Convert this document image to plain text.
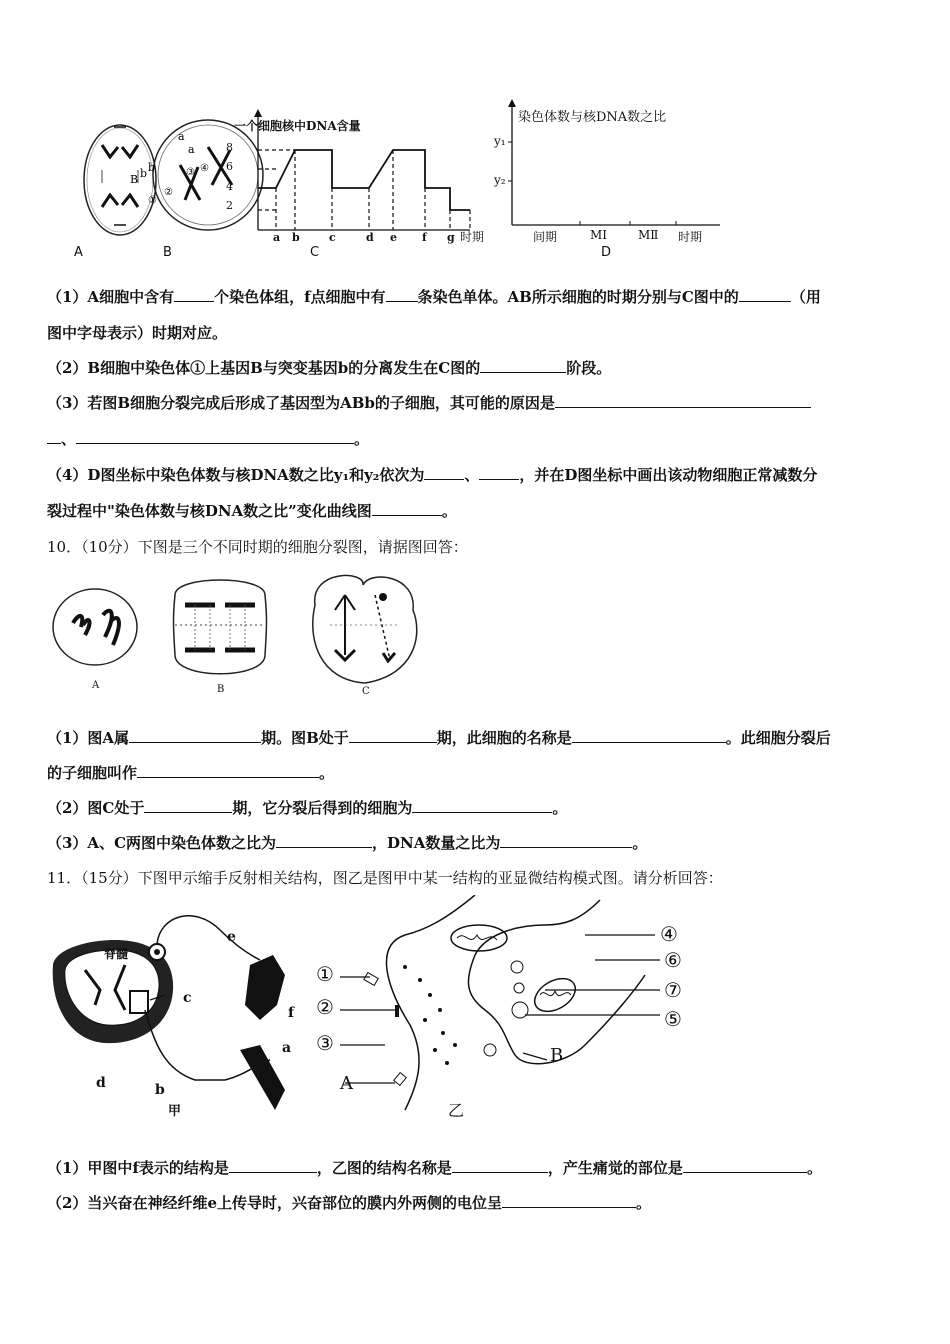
a
a
B b b
①
②
③ ④
一个细胞核中DNA含量
8
6
4
2
a b	c	d e f g 时期
染色体数与核DNA数之比
y₁
y₂
间期	MⅠ	MⅡ 时期
A	B	C	D
（1）A细胞中含有	个染色体组，f点细胞中有 条染色单体。AB所示细胞的时期分别与C图中的	（用
图中字母表示）时期对应。
（2）B细胞中染色体①上基因B与突变基因b的分离发生在C图的	阶段。
（3）若图B细胞分裂完成后形成了基因型为ABb的子细胞，其可能的原因是
、	。
（4）D图坐标中染色体数与核DNA数之比y₁和y₂依次为	、	，并在D图坐标中画出该动物细胞正常减数分
裂过程中"染色体数与核DNA数之比”变化曲线图	。
10．（10分）下图是三个不同时期的细胞分裂图，请据图回答：
A	B	C
（1）图A属	期。图B处于	期，此细胞的名称是	。此细胞分裂后
的子细胞叫作	。
（2）图C处于	期，它分裂后得到的细胞为	。
（3）A、C两图中染色体数之比为	，DNA数量之比为	。
11．（15分）下图甲示缩手反射相关结构，图乙是图甲中某一结构的亚显微结构模式图。请分析回答：
脊髓
e
c
f
a
d	b
甲
①
②
③
④
⑥
⑦
⑤
A
B
乙
（1）甲图中f表示的结构是	，乙图的结构名称是	，产生痛觉的部位是	。
（2）当兴奋在神经纤维e上传导时，兴奋部位的膜内外两侧的电位呈	。
